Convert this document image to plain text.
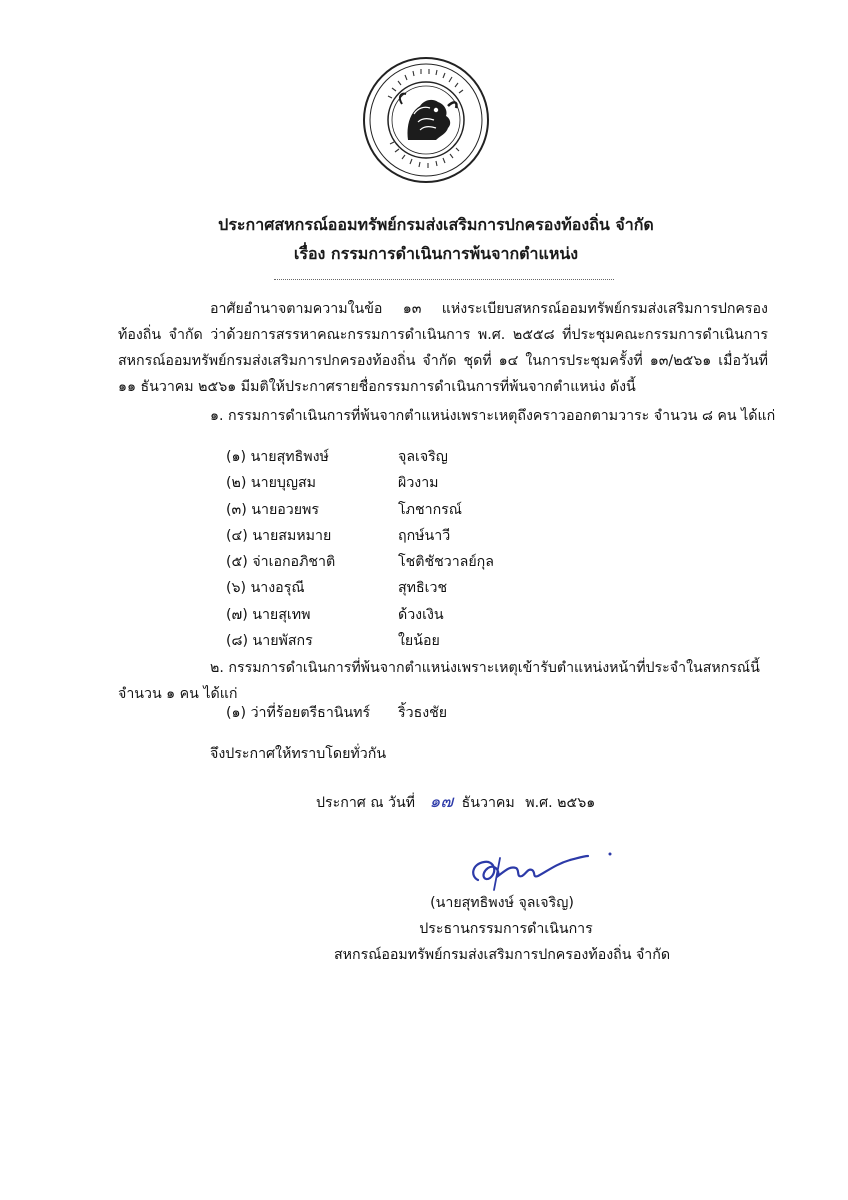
ประกาศสหกรณ์ออมทรัพย์กรมส่งเสริมการปกครองท้องถิ่น จำกัด
เรื่อง กรรมการดำเนินการพ้นจากตำแหน่ง
อาศัยอำนาจตามความในข้อ ๑๓ แห่งระเบียบสหกรณ์ออมทรัพย์กรมส่งเสริมการปกครอง
ท้องถิ่น จำกัด ว่าด้วยการสรรหาคณะกรรมการดำเนินการ พ.ศ. ๒๕๕๘ ที่ประชุมคณะกรรมการดำเนินการ
สหกรณ์ออมทรัพย์กรมส่งเสริมการปกครองท้องถิ่น จำกัด ชุดที่ ๑๔ ในการประชุมครั้งที่ ๑๓/๒๕๖๑ เมื่อวันที่
๑๑ ธันวาคม ๒๕๖๑ มีมติให้ประกาศรายชื่อกรรมการดำเนินการที่พ้นจากตำแหน่ง ดังนี้
๑. กรรมการดำเนินการที่พ้นจากตำแหน่งเพราะเหตุถึงคราวออกตามวาระ จำนวน ๘ คน ได้แก่
(๑) นายสุทธิพงษ์	จุลเจริญ
(๒) นายบุญสม	ผิวงาม
(๓) นายอวยพร	โภชากรณ์
(๔) นายสมหมาย	ฤกษ์นาวี
(๕) จ่าเอกอภิชาติ	โชติชัชวาลย์กุล
(๖) นางอรุณี	สุทธิเวช
(๗) นายสุเทพ	ด้วงเงิน
(๘) นายพัสกร	ใยน้อย
๒. กรรมการดำเนินการที่พ้นจากตำแหน่งเพราะเหตุเข้ารับตำแหน่งหน้าที่ประจำในสหกรณ์นี้
จำนวน ๑ คน ได้แก่
(๑) ว่าที่ร้อยตรีธานินทร์ ริ้วธงชัย
จึงประกาศให้ทราบโดยทั่วกัน
ประกาศ ณ วันที่ ๑๗ ธันวาคม พ.ศ. ๒๕๖๑
(นายสุทธิพงษ์ จุลเจริญ)
ประธานกรรมการดำเนินการ
สหกรณ์ออมทรัพย์กรมส่งเสริมการปกครองท้องถิ่น จำกัด
